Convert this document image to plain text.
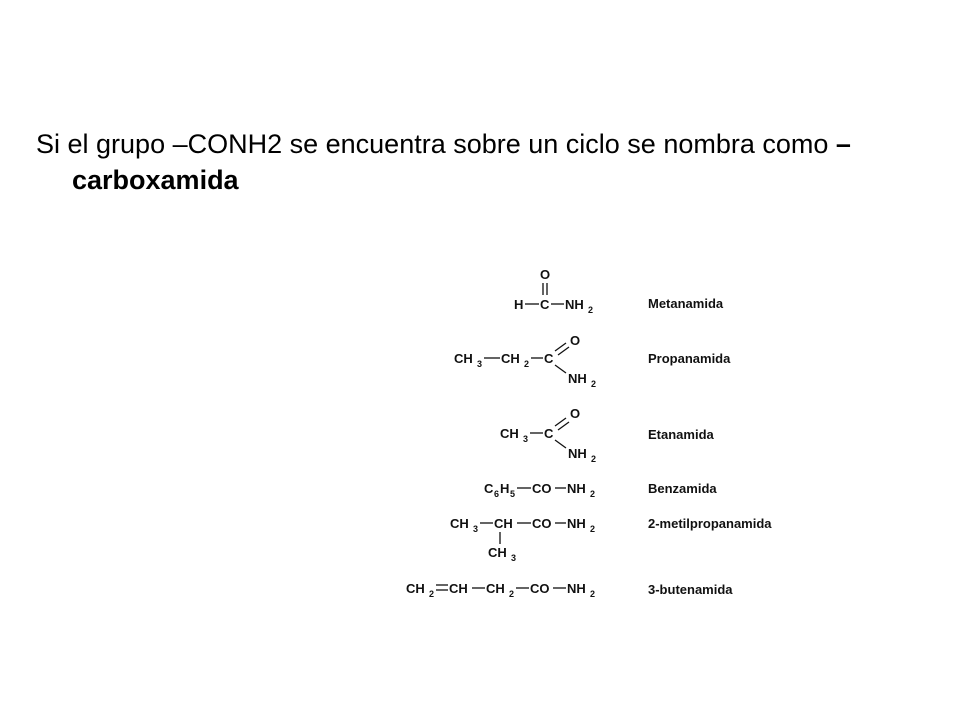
Si el grupo –CONH2 se encuentra sobre un ciclo se nombra como –carboxamida
O
H C NH 2
CH 3 CH 2 C
O
NH 2
CH 3 C
O
NH 2
C 6 H 5 CO NH 2
CH 3 CH CO NH 2
CH 3
CH 2 CH CH 2 CO NH 2
Metanamida
Propanamida
Etanamida
Benzamida
2-metilpropanamida
3-butenamida
